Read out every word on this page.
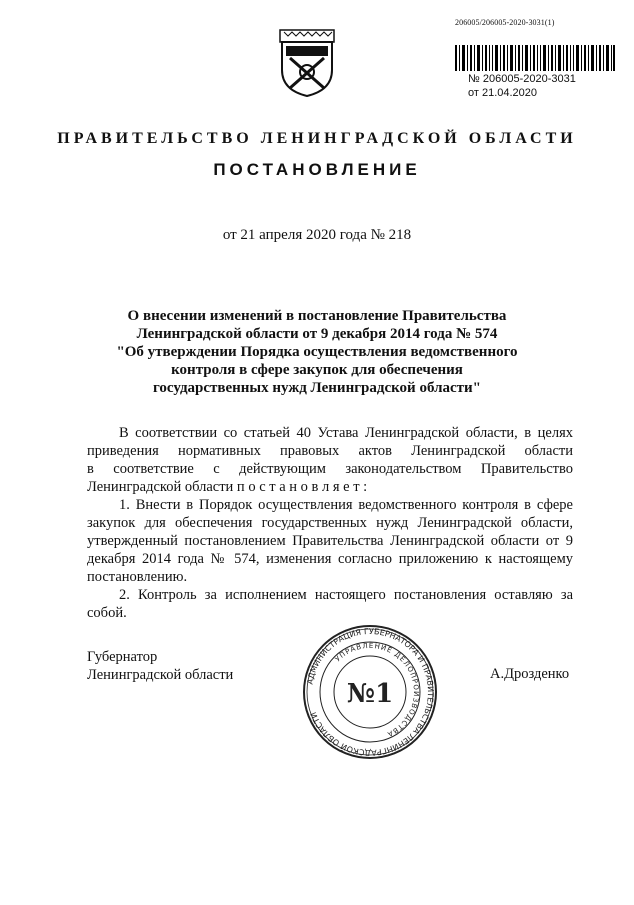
206005/206005-2020-3031(1)
№ 206005-2020-3031
от 21.04.2020
ПРАВИТЕЛЬСТВО ЛЕНИНГРАДСКОЙ ОБЛАСТИ
ПОСТАНОВЛЕНИЕ
от 21 апреля 2020 года № 218
О внесении изменений в постановление Правительства
Ленинградской области от 9 декабря 2014 года № 574
"Об утверждении Порядка осуществления ведомственного
контроля в сфере закупок для обеспечения
государственных нужд Ленинградской области"
В соответствии со статьей 40 Устава Ленинградской области, в целях
приведения нормативных правовых актов Ленинградской области
в соответствие с действующим законодательством Правительство
Ленинградской области п о с т а н о в л я е т :

1. Внести в Порядок осуществления ведомственного контроля в сфере закупок для обеспечения государственных нужд Ленинградской области, утвержденный постановлением Правительства Ленинградской области от 9 декабря 2014 года № 574, изменения согласно приложению к настоящему постановлению.

2. Контроль за исполнением настоящего постановления оставляю за собой.

Губернатор
Ленинградской области	АДМИНИСТРАЦИЯ ГУБЕРНАТОРА И ПРАВИТЕЛЬСТВА ЛЕНИНГРАДСКОЙ ОБЛАСТИ
УПРАВЛЕНИЕ ДЕЛОПРОИЗВОДСТВА
№1
А.Дрозденко
